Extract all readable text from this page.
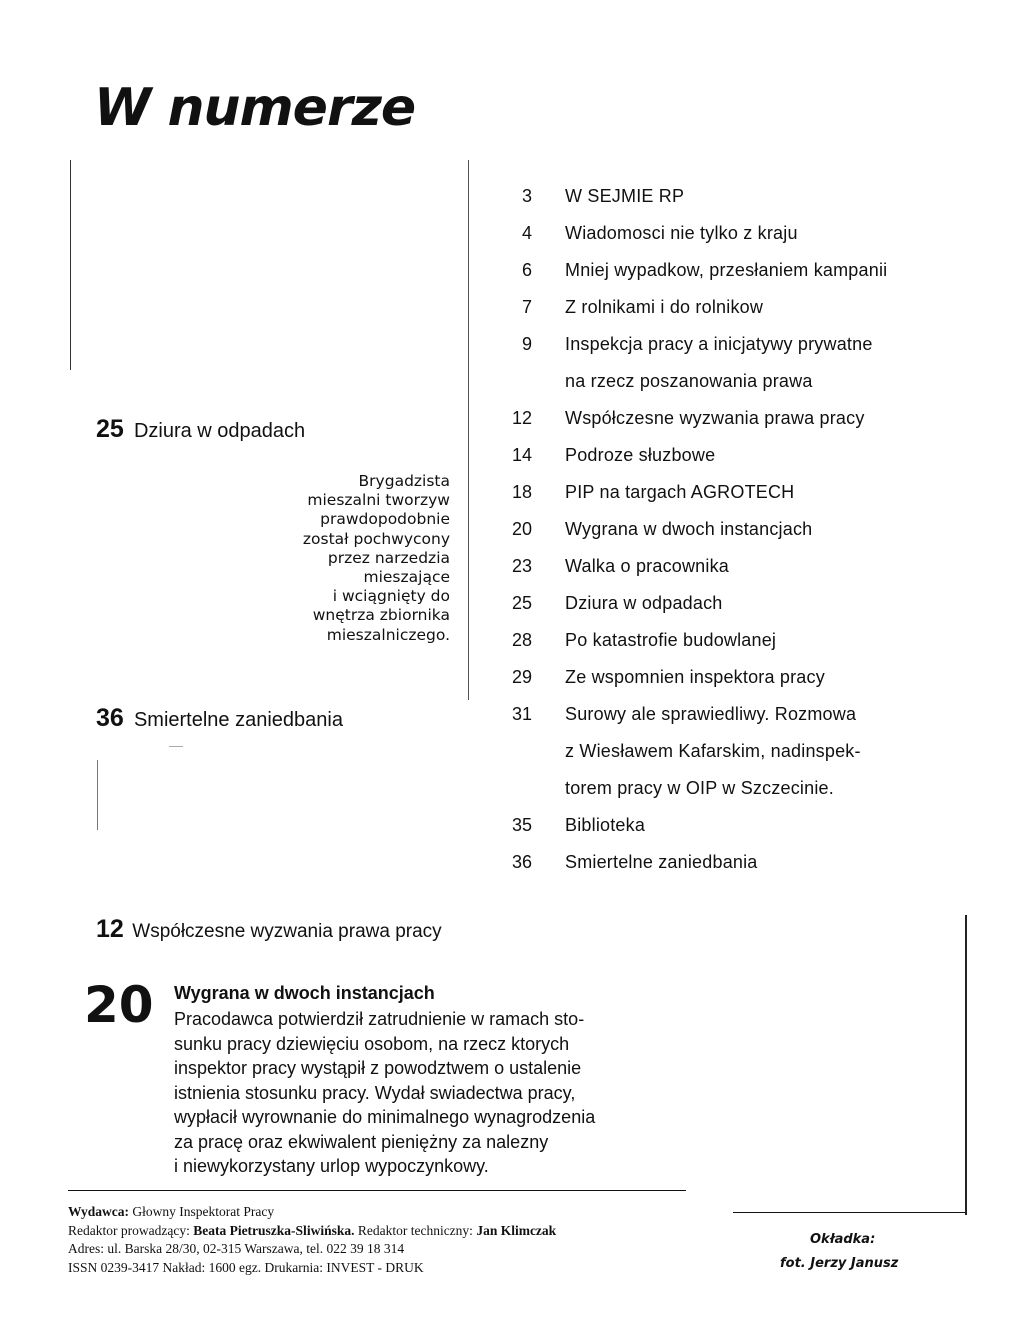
W numerze
25 Dziura w odpadach
Brygadzista
mieszalni tworzyw
prawdopodobnie
został pochwycony
przez narzedzia
mieszające
i wciągnięty do
wnętrza zbiornika
mieszalniczego.
36 Smiertelne zaniedbania
3 W SEJMIE RP
4 Wiadomosci nie tylko z kraju
6 Mniej wypadkow, przesłaniem kampanii
7 Z rolnikami i do rolnikow
9 Inspekcja pracy a inicjatywy prywatne
na rzecz poszanowania prawa
12 Współczesne wyzwania prawa pracy
14 Podroze słuzbowe
18 PIP na targach AGROTECH
20 Wygrana w dwoch instancjach
23 Walka o pracownika
25 Dziura w odpadach
28 Po katastrofie budowlanej
29 Ze wspomnien inspektora pracy
31 Surowy ale sprawiedliwy. Rozmowa
z Wiesławem Kafarskim, nadinspek-
torem pracy w OIP w Szczecinie.
35 Biblioteka
36 Smiertelne zaniedbania
12 Współczesne wyzwania prawa pracy
20 Wygrana w dwoch instancjach
Pracodawca potwierdził zatrudnienie w ramach sto-
sunku pracy dziewięciu osobom, na rzecz ktorych
inspektor pracy wystąpił z powodztwem o ustalenie
istnienia stosunku pracy. Wydał swiadectwa pracy,
wypłacił wyrownanie do minimalnego wynagrodzenia
za pracę oraz ekwiwalent pieniężny za nalezny
i niewykorzystany urlop wypoczynkowy.
Wydawca: Głowny Inspektorat Pracy
Redaktor prowadzący: Beata Pietruszka-Sliwińska. Redaktor techniczny: Jan Klimczak
Adres: ul. Barska 28/30, 02-315 Warszawa, tel. 022 39 18 314
ISSN 0239-3417 Nakład: 1600 egz. Drukarnia: INVEST - DRUK
Okładka:
fot. Jerzy Janusz
